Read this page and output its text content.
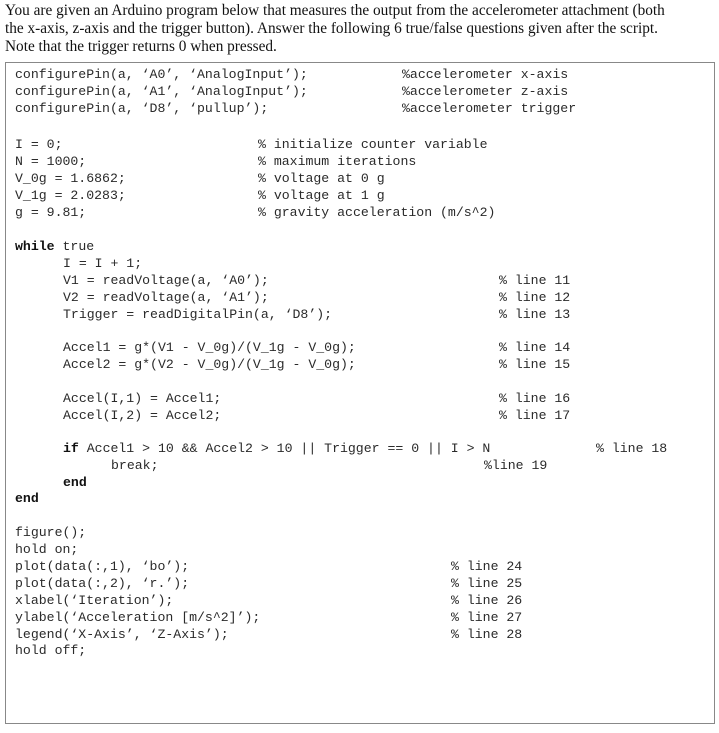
You are given an Arduino program below that measures the output from the accelerometer attachment (both
the x-axis, z-axis and the trigger button). Answer the following 6 true/false questions given after the script.
Note that the trigger returns 0 when pressed.
configurePin(a, ‘A0’, ‘AnalogInput’);	%accelerometer x-axis
configurePin(a, ‘A1’, ‘AnalogInput’);	%accelerometer z-axis
configurePin(a, ‘D8’, ‘pullup’);	%accelerometer trigger
I = 0;	% initialize counter variable
N = 1000;	% maximum iterations
V_0g = 1.6862;	% voltage at 0 g
V_1g = 2.0283;	% voltage at 1 g
g = 9.81;	% gravity acceleration (m/s^2)
while true
I = I + 1;
V1 = readVoltage(a, ‘A0’);	% line 11
V2 = readVoltage(a, ‘A1’);	% line 12
Trigger = readDigitalPin(a, ‘D8’);	% line 13
Accel1 = g*(V1 - V_0g)/(V_1g - V_0g);	% line 14
Accel2 = g*(V2 - V_0g)/(V_1g - V_0g);	% line 15
Accel(I,1) = Accel1;	% line 16
Accel(I,2) = Accel2;	% line 17
if Accel1 > 10 && Accel2 > 10 || Trigger == 0 || I > N	% line 18
break;	%line 19
end
end
figure();
hold on;
plot(data(:,1), ‘bo’);	% line 24
plot(data(:,2), ‘r.’);	% line 25
xlabel(‘Iteration’);	% line 26
ylabel(‘Acceleration [m/s^2]’);	% line 27
legend(‘X-Axis’, ‘Z-Axis’);	% line 28
hold off;
